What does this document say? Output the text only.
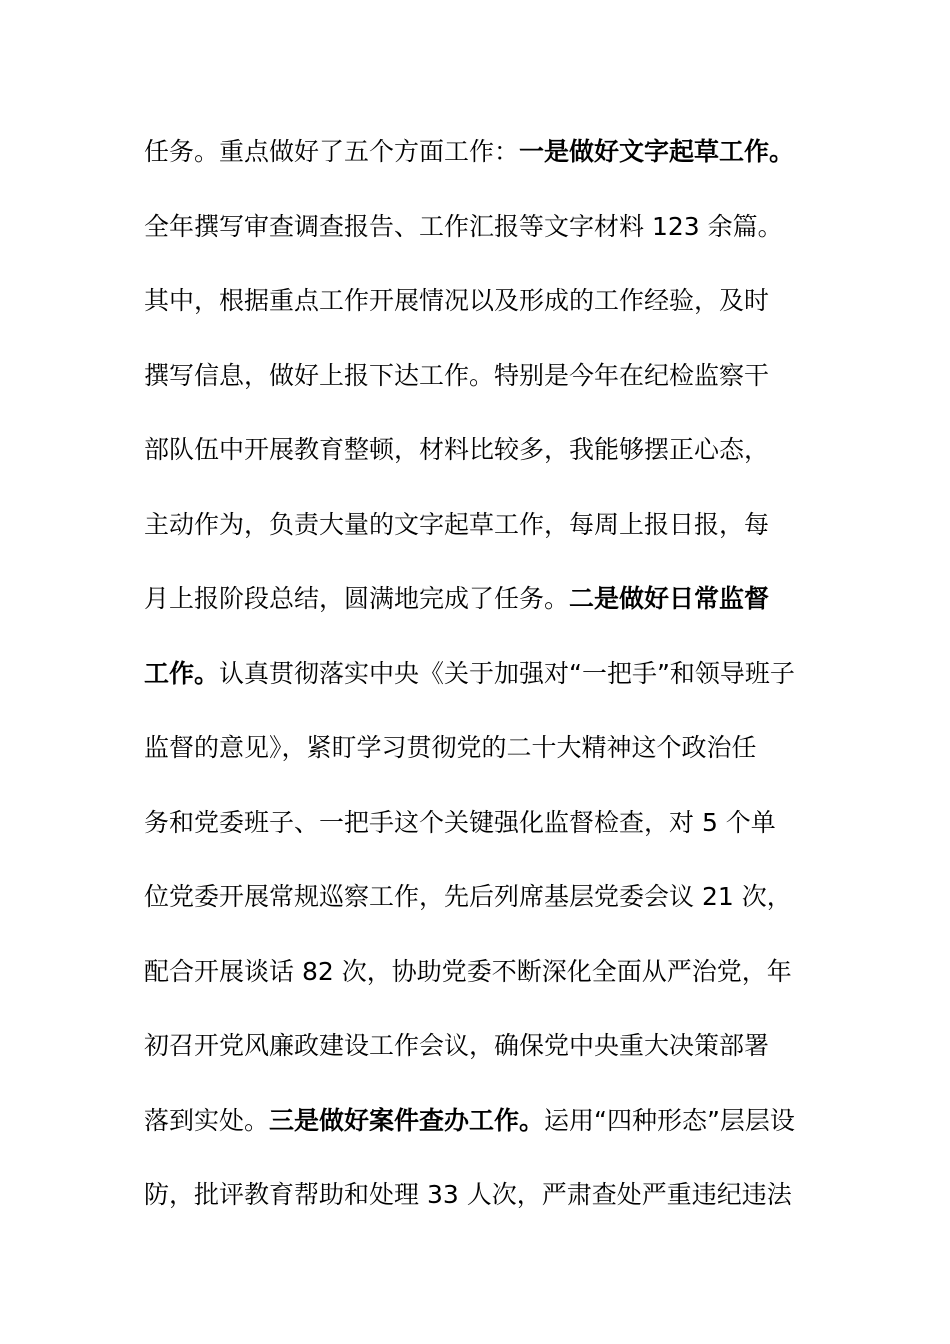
任务。重点做好了五个方面工作：一是做好文字起草工作。
全年撰写审查调查报告、工作汇报等文字材料 123 余篇。
其中，根据重点工作开展情况以及形成的工作经验，及时
撰写信息，做好上报下达工作。特别是今年在纪检监察干
部队伍中开展教育整顿，材料比较多，我能够摆正心态，
主动作为，负责大量的文字起草工作，每周上报日报，每
月上报阶段总结，圆满地完成了任务。二是做好日常监督
工作。认真贯彻落实中央《关于加强对“一把手”和领导班子
监督的意见》，紧盯学习贯彻党的二十大精神这个政治任
务和党委班子、一把手这个关键强化监督检查，对 5 个单
位党委开展常规巡察工作，先后列席基层党委会议 21 次，
配合开展谈话 82 次，协助党委不断深化全面从严治党，年
初召开党风廉政建设工作会议，确保党中央重大决策部署
落到实处。三是做好案件查办工作。运用“四种形态”层层设
防，批评教育帮助和处理 33 人次，严肃查处严重违纪违法
